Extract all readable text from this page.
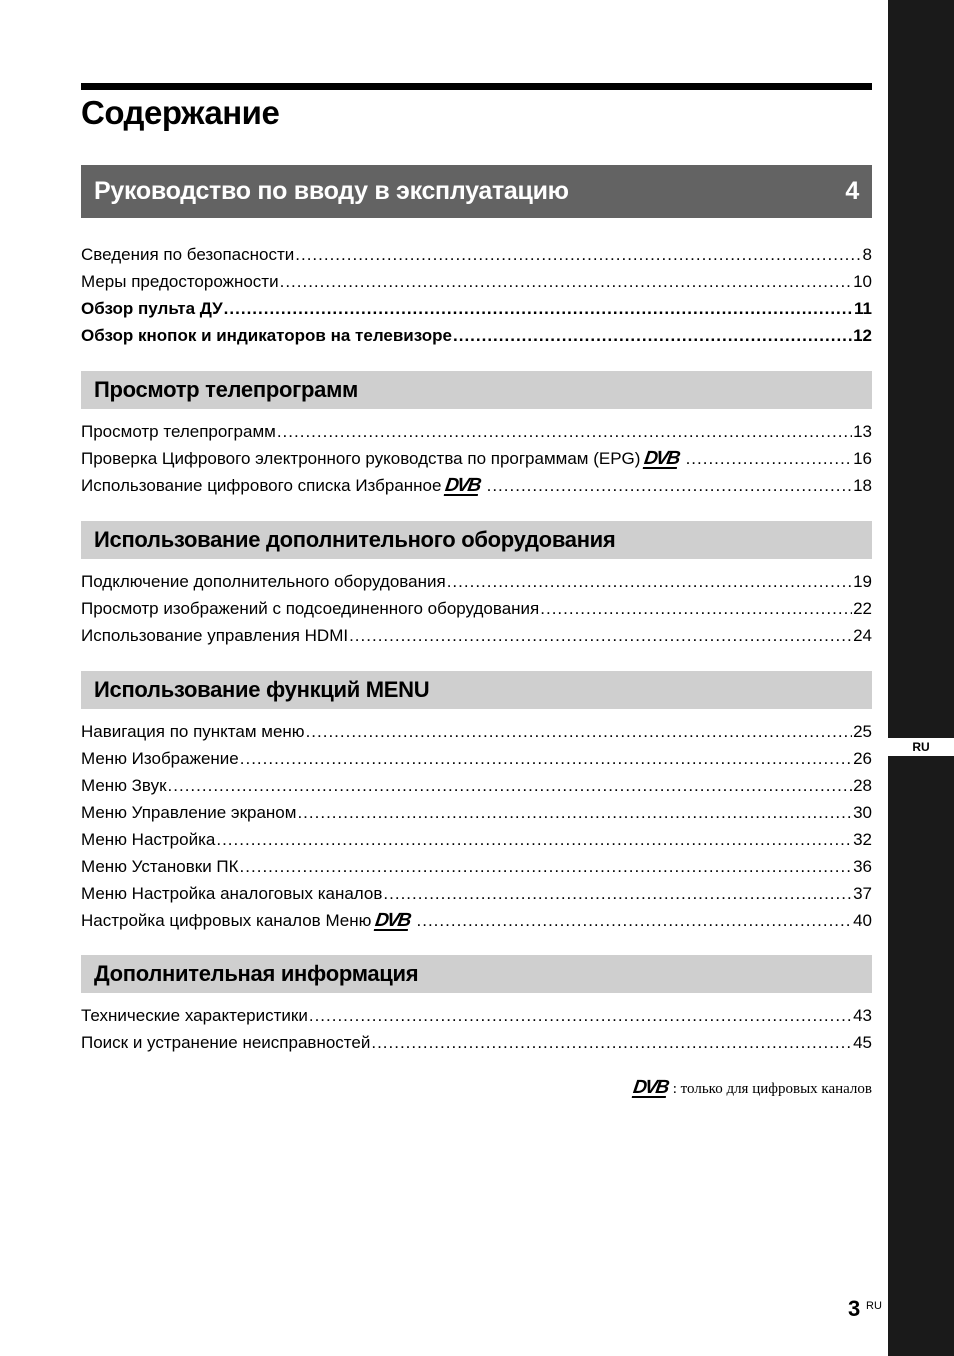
RU
Содержание
Руководство по вводу в эксплуатацию	4
Сведения по безопасности .....	8
Меры предосторожности .....	10
Обзор пульта ДУ .....	11
Обзор кнопок и индикаторов на телевизоре .....	12
Просмотр телепрограмм
Просмотр телепрограмм .....	13
Проверка Цифрового электронного руководства по программам (EPG) DVB .....	16
Использование цифрового списка Избранное DVB .....	18
Использование дополнительного оборудования
Подключение дополнительного оборудования .....	19
Просмотр изображений с подсоединенного оборудования .....	22
Использование управления HDMI .....	24
Использование функций MENU
Навигация по пунктам меню .....	25
Меню Изображение .....	26
Меню Звук .....	28
Меню Управление экраном .....	30
Меню Настройка .....	32
Меню Установки ПК .....	36
Меню Настройка аналоговых каналов .....	37
Настройка цифровых каналов Меню DVB .....	40
Дополнительная информация
Технические характеристики .....	43
Поиск и устранение неисправностей .....	45
DVB : только для цифровых каналов
3 RU
